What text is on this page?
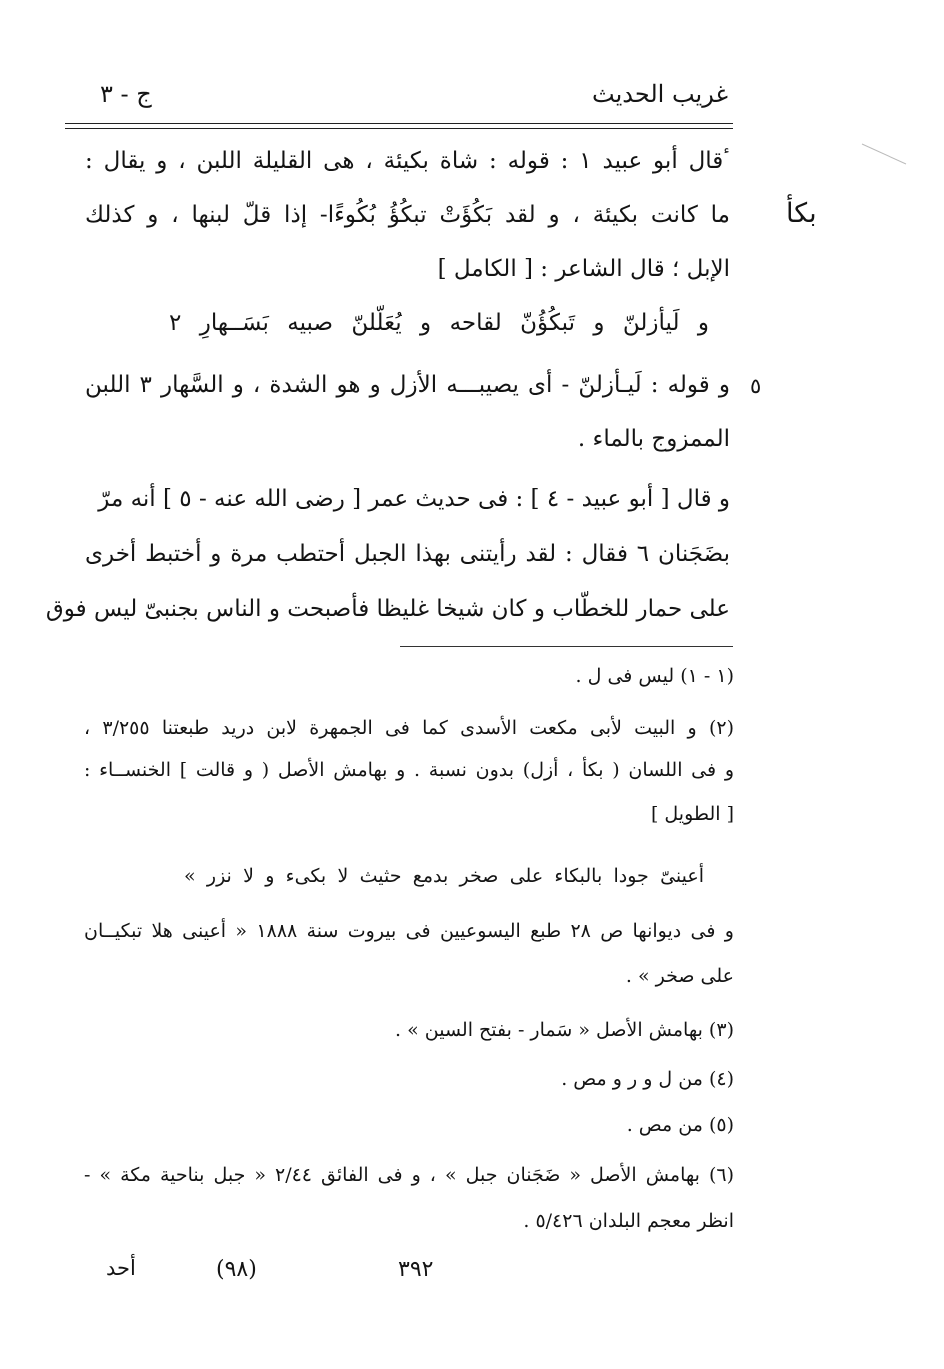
غريب الحديث
ج - ٣
بكأ
٥
ٴقال أبو عبيد ١ : قوله : شاة بكيئة ، هى القليلة اللبن ، و يقال :
ما كانت بكيئة ، و لقد بَكُؤَتْ تبكُؤُ بُكُوءًا- إذا قلّ لبنها ، و كذلك
الإبل ؛ قال الشاعر : [ الكامل ]
و لَيأزلنّ و تَبكُؤُنّ لقاحه و يُعَلّلنّ صبيه بَسَــهارِ ٢
و قوله : لَيـأزلنّ - أى يصيبـــه الأزل و هو الشدة ، و السَّهار ٣ اللبن
الممزوج بالماء .
و قال [ أبو عبيد - ٤ ] : فى حديث عمر [ رضى الله عنه - ٥ ] أنه مرّ
بضَجَنان ٦ فقال : لقد رأيتنى بهذا الجبل أحتطب مرة و أختبط أخرى
على حمار للخطّاب و كان شيخا غليظا فأصبحت و الناس بجنبىّ ليس فوق
(١ - ١) ليس فى ل .
(٢) و البيت لأبى مكعت الأسدى كما فى الجمهرة لابن دريد طبعتنا ٣/٢٥٥ ،
و فى اللسان ( بكأ ، أزل) بدون نسبة . و بهامش الأصل ( و قالت ] الخنســاء :
[ الطويل ]
أعينىّ جودا بالبكاء على صخر بدمع حثيث لا بكىء و لا نزر »
و فى ديوانها ص ٢٨ طبع اليسوعيين فى بيروت سنة ١٨٨٨ « أعينى هلا تبكيــان
على صخر » .
(٣) بهامش الأصل « سَمار - بفتح السين » .
(٤) من ل و ر و مص .
(٥) من مص .
(٦) بهامش الأصل « ضَجَنان جبل » ، و فى الفائق ٢/٤٤ « جبل بناحية مكة » -
انظر معجم البلدان ٥/٤٢٦ .
٣٩٢
(٩٨)
أحد
